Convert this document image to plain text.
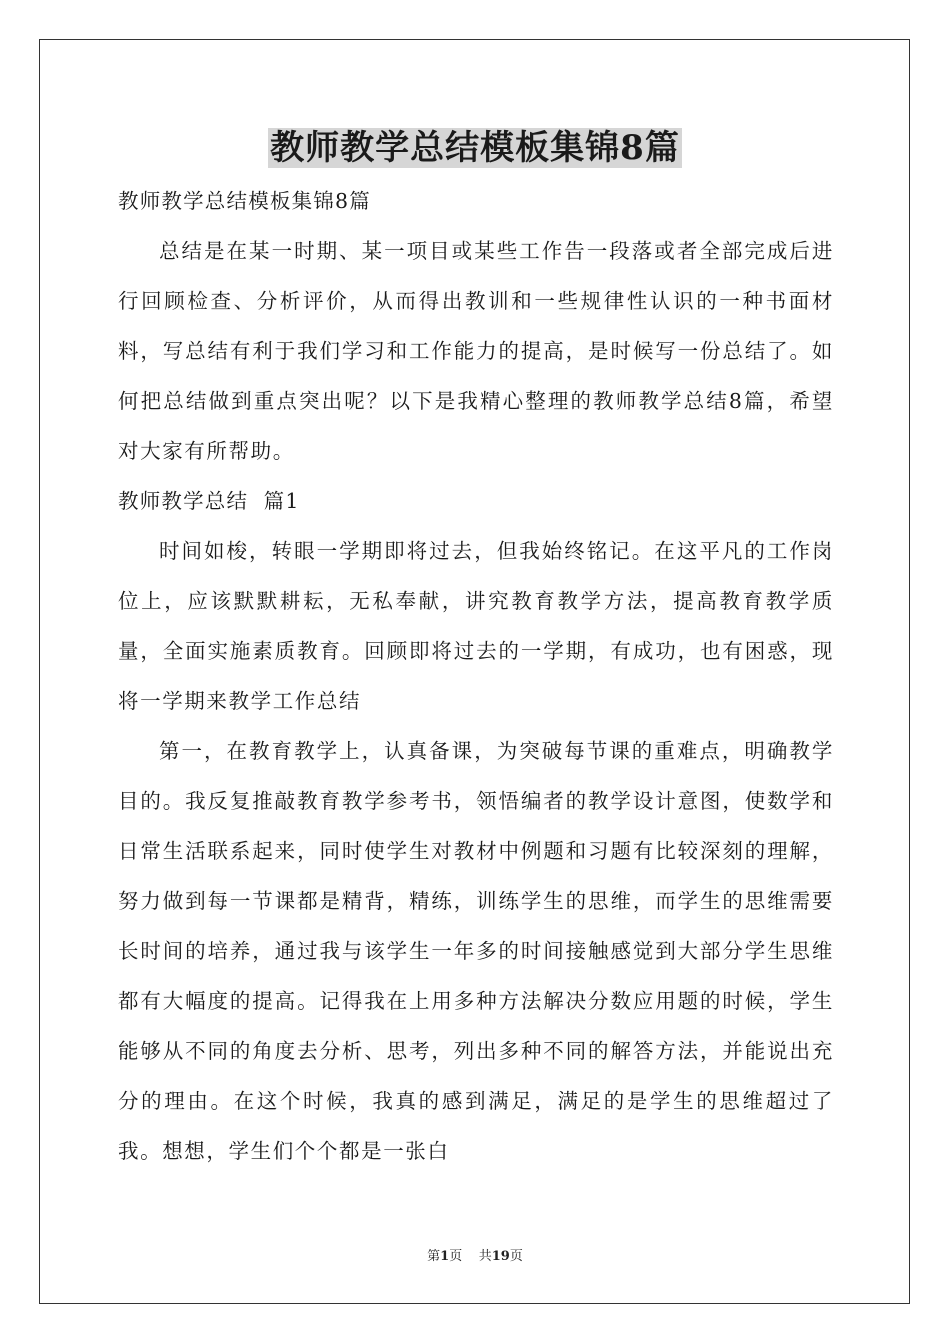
教师教学总结模板集锦8篇

教师教学总结模板集锦8篇

总结是在某一时期、某一项目或某些工作告一段落或者全部完成后进行回顾检查、分析评价，从而得出教训和一些规律性认识的一种书面材料，写总结有利于我们学习和工作能力的提高，是时候写一份总结了。如何把总结做到重点突出呢？以下是我精心整理的教师教学总结8篇，希望对大家有所帮助。

教师教学总结  篇1

时间如梭，转眼一学期即将过去，但我始终铭记。在这平凡的工作岗位上，应该默默耕耘，无私奉献，讲究教育教学方法，提高教育教学质量，全面实施素质教育。回顾即将过去的一学期，有成功，也有困惑，现将一学期来教学工作总结

第一，在教育教学上，认真备课，为突破每节课的重难点，明确教学目的。我反复推敲教育教学参考书，领悟编者的教学设计意图，使数学和日常生活联系起来，同时使学生对教材中例题和习题有比较深刻的理解，努力做到每一节课都是精背，精练，训练学生的思维，而学生的思维需要长时间的培养，通过我与该学生一年多的时间接触感觉到大部分学生思维都有大幅度的提高。记得我在上用多种方法解决分数应用题的时候，学生能够从不同的角度去分析、思考，列出多种不同的解答方法，并能说出充分的理由。在这个时候，我真的感到满足，满足的是学生的思维超过了我。想想，学生们个个都是一张白

第1页 共19页
